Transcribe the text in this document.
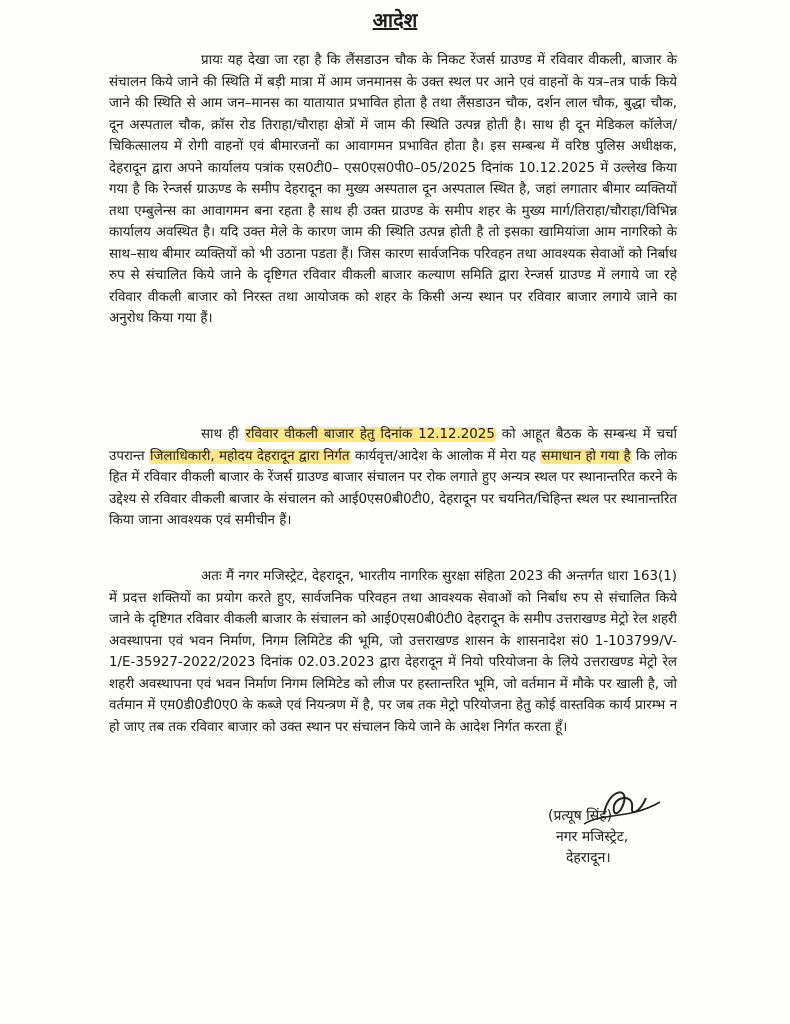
आदेश

प्रायः यह देखा जा रहा है कि लैंसडाउन चौक के निकट रेंजर्स ग्राउण्ड में रविवार वीकली, बाजार के संचालन किये जाने की स्थिति में बड़ी मात्रा में आम जनमानस के उक्त स्थल पर आने एवं वाहनों के यत्र–तत्र पार्क किये जाने की स्थिति से आम जन–मानस का यातायात प्रभावित होता है तथा लैंसडाउन चौक, दर्शन लाल चौक, बुद्धा चौक, दून अस्पताल चौक, क्रॉस रोड तिराहा/चौराहा क्षेत्रों में जाम की स्थिति उत्पन्न होती है। साथ ही दून मेडिकल कॉलेज/चिकित्सालय में रोगी वाहनों एवं बीमारजनों का आवागमन प्रभावित होता है। इस सम्बन्ध में वरिष्ठ पुलिस अधीक्षक, देहरादून द्वारा अपने कार्यालय पत्रांक एस0टी0– एस0एस0पी0–05/2025 दिनांक 10.12.2025 में उल्लेख किया गया है कि रेन्जर्स ग्राऊण्ड के समीप देहरादून का मुख्य अस्पताल दून अस्पताल स्थित है, जहां लगातार बीमार व्यक्तियों तथा एम्बुलेन्स का आवागमन बना रहता है साथ ही उक्त ग्राउण्ड के समीप शहर के मुख्य मार्ग/तिराहा/चौराहा/विभिन्न कार्यालय अवस्थित है। यदि उक्त मेले के कारण जाम की स्थिति उत्पन्न होती है तो इसका खामियांजा आम नागरिको के साथ–साथ बीमार व्यक्तियों को भी उठाना पडता हैं। जिस कारण सार्वजनिक परिवहन तथा आवश्यक सेवाओं को निर्बाध रुप से संचालित किये जाने के दृष्टिगत रविवार वीकली बाजार कल्याण समिति द्वारा रेन्जर्स ग्राउण्ड में लगाये जा रहे रविवार वीकली बाजार को निरस्त तथा आयोजक को शहर के किसी अन्य स्थान पर रविवार बाजार लगाये जाने का अनुरोध किया गया हैं।

साथ ही रविवार वीकली बाजार हेतु दिनांक 12.12.2025 को आहूत बैठक के सम्बन्ध में चर्चा उपरान्त जिलाधिकारी, महोदय देहरादून द्वारा निर्गत कार्यवृत्त/आदेश के आलोक में मेरा यह समाधान हो गया है कि लोक हित में रविवार वीकली बाजार के रेंजर्स ग्राउण्ड बाजार संचालन पर रोक लगाते हुए अन्यत्र स्थल पर स्थानान्तरित करने के उद्देश्य से रविवार वीकली बाजार के संचालन को आई0एस0बी0टी0, देहरादून पर चयनित/चिहिन्त स्थल पर स्थानान्तरित किया जाना आवश्यक एवं समीचीन हैं।

अतः मैं नगर मजिस्ट्रेट, देहरादून, भारतीय नागरिक सुरक्षा संहिता 2023 की अन्तर्गत धारा 163(1) में प्रदत्त शक्तियों का प्रयोग करते हुए, सार्वजनिक परिवहन तथा आवश्यक सेवाओं को निर्बाध रुप से संचालित किये जाने के दृष्टिगत रविवार वीकली बाजार के संचालन को आई0एस0बी0टी0 देहरादून के समीप उत्तराखण्ड मेट्रो रेल शहरी अवस्थापना एवं भवन निर्माण, निगम लिमिटेड की भूमि, जो उत्तराखण्ड शासन के शासनादेश सं0 1-103799/V-1/E-35927-2022/2023 दिनांक 02.03.2023 द्वारा देहरादून में नियो परियोजना के लिये उत्तराखण्ड मेट्रो रेल शहरी अवस्थापना एवं भवन निर्माण निगम लिमिटेड को लीज पर हस्तान्तरित भूमि, जो वर्तमान में मौके पर खाली है, जो वर्तमान में एम0डी0डी0ए0 के कब्जे एवं नियन्त्रण में है, पर जब तक मेट्रो परियोजना हेतु कोई वास्तविक कार्य प्रारम्भ न हो जाए तब तक रविवार बाजार को उक्त स्थान पर संचालन किये जाने के आदेश निर्गत करता हूँ।

(प्रत्यूष सिंह)
नगर मजिस्ट्रेट,
देहरादून।
